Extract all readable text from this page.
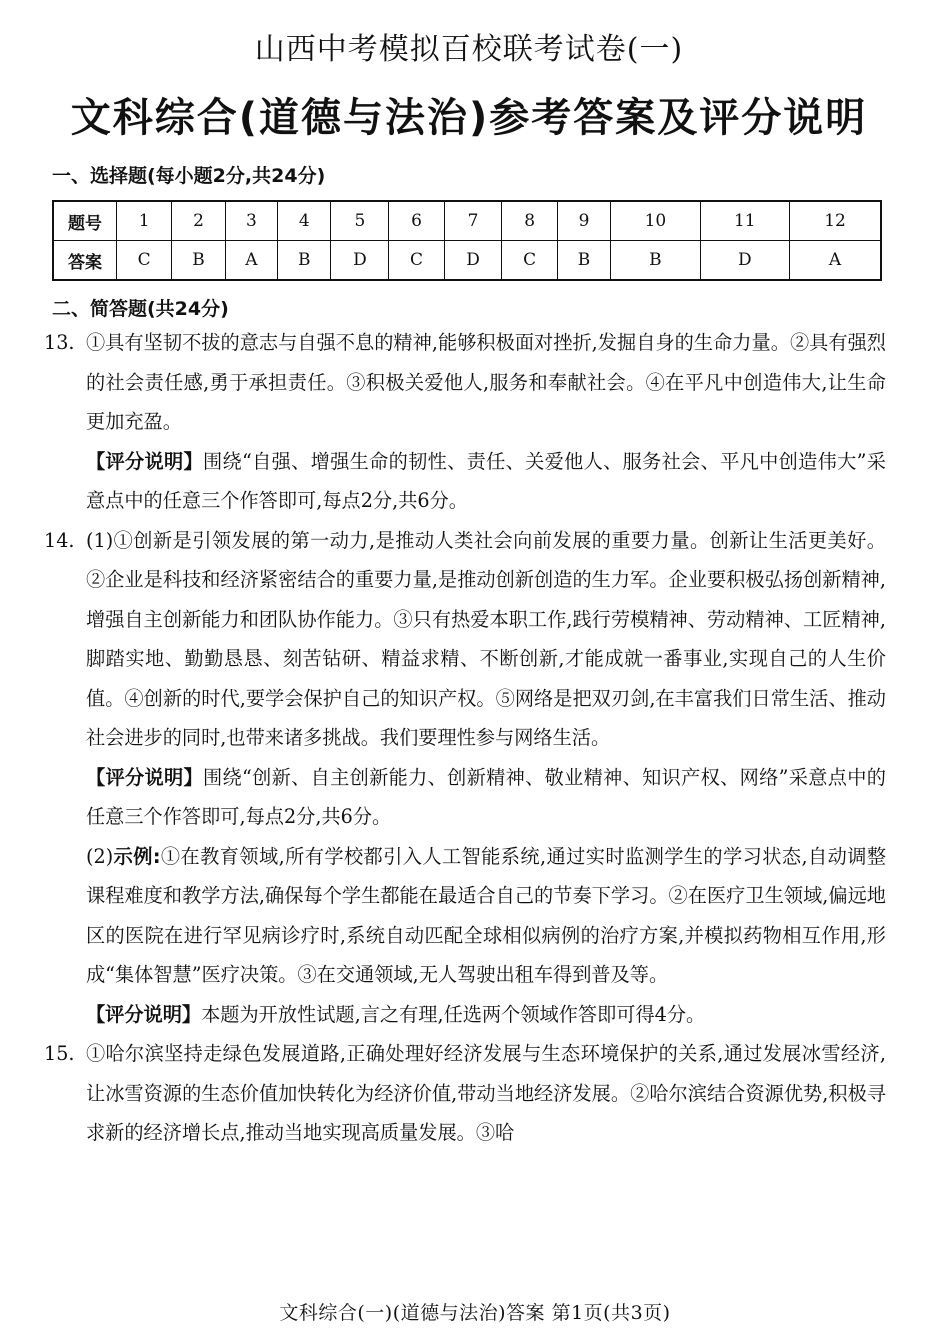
山西中考模拟百校联考试卷(一)
文科综合(道德与法治)参考答案及评分说明
一、选择题(每小题2分,共24分)
题号	1	2	3	4	5	6	7	8	9	10	11	12
答案	C	B	A	B	D	C	D	C	B	B	D	A
二、简答题(共24分)
13. ①具有坚韧不拔的意志与自强不息的精神,能够积极面对挫折,发掘自身的生命力量。②具有强烈的社会责任感,勇于承担责任。③积极关爱他人,服务和奉献社会。④在平凡中创造伟大,让生命更加充盈。

【评分说明】围绕“自强、增强生命的韧性、责任、关爱他人、服务社会、平凡中创造伟大”采意点中的任意三个作答即可,每点2分,共6分。

14. (1)①创新是引领发展的第一动力,是推动人类社会向前发展的重要力量。创新让生活更美好。②企业是科技和经济紧密结合的重要力量,是推动创新创造的生力军。企业要积极弘扬创新精神,增强自主创新能力和团队协作能力。③只有热爱本职工作,践行劳模精神、劳动精神、工匠精神,脚踏实地、勤勤恳恳、刻苦钻研、精益求精、不断创新,才能成就一番事业,实现自己的人生价值。④创新的时代,要学会保护自己的知识产权。⑤网络是把双刃剑,在丰富我们日常生活、推动社会进步的同时,也带来诸多挑战。我们要理性参与网络生活。

【评分说明】围绕“创新、自主创新能力、创新精神、敬业精神、知识产权、网络”采意点中的任意三个作答即可,每点2分,共6分。

(2)示例:①在教育领域,所有学校都引入人工智能系统,通过实时监测学生的学习状态,自动调整课程难度和教学方法,确保每个学生都能在最适合自己的节奏下学习。②在医疗卫生领域,偏远地区的医院在进行罕见病诊疗时,系统自动匹配全球相似病例的治疗方案,并模拟药物相互作用,形成“集体智慧”医疗决策。③在交通领域,无人驾驶出租车得到普及等。

【评分说明】本题为开放性试题,言之有理,任选两个领域作答即可得4分。

15. ①哈尔滨坚持走绿色发展道路,正确处理好经济发展与生态环境保护的关系,通过发展冰雪经济,让冰雪资源的生态价值加快转化为经济价值,带动当地经济发展。②哈尔滨结合资源优势,积极寻求新的经济增长点,推动当地实现高质量发展。③哈

文科综合(一)(道德与法治)答案 第1页(共3页)
